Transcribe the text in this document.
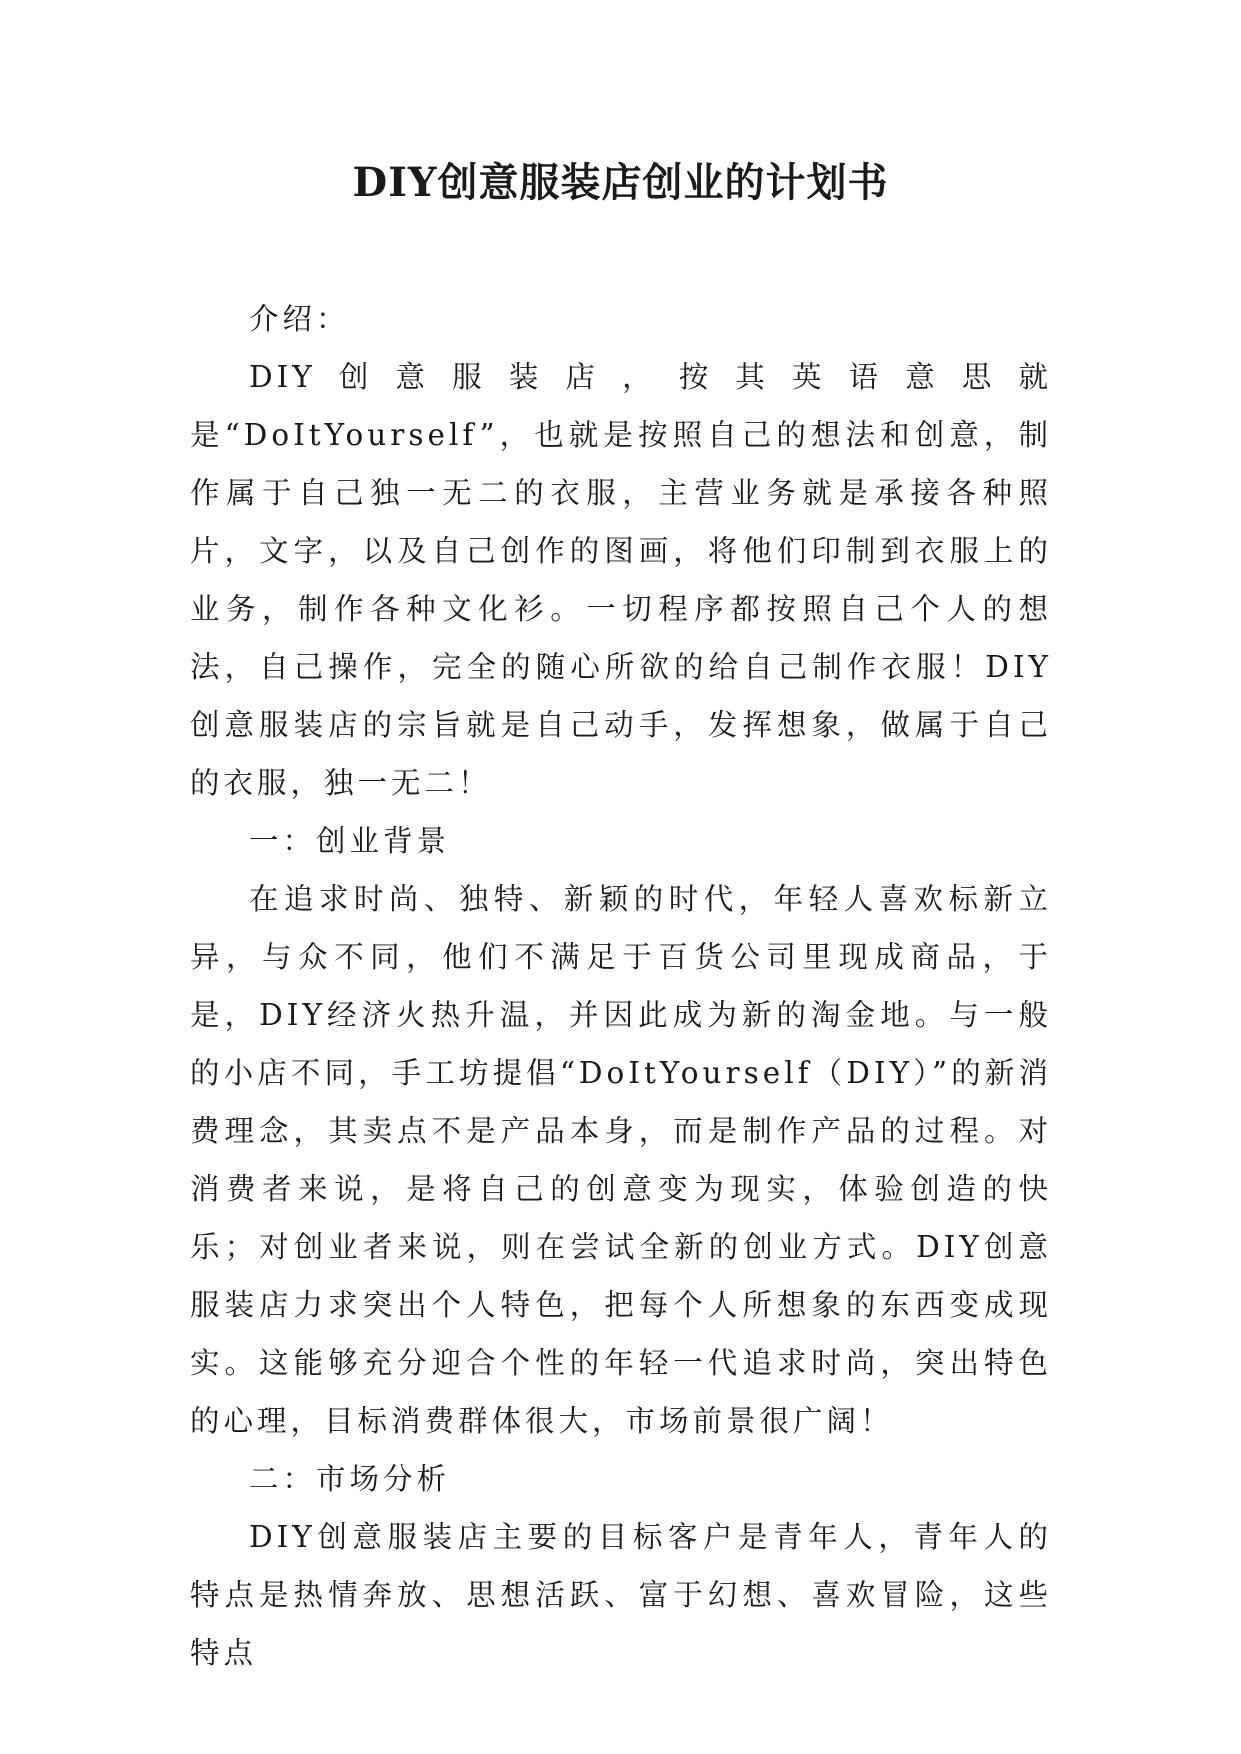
DIY创意服装店创业的计划书

介绍：

DIY创意服装店，按其英语意思就是“DoItYourself”，也就是按照自己的想法和创意，制作属于自己独一无二的衣服，主营业务就是承接各种照片，文字，以及自己创作的图画，将他们印制到衣服上的业务，制作各种文化衫。一切程序都按照自己个人的想法，自己操作，完全的随心所欲的给自己制作衣服！DIY创意服装店的宗旨就是自己动手，发挥想象，做属于自己的衣服，独一无二！

一：创业背景

在追求时尚、独特、新颖的时代，年轻人喜欢标新立异，与众不同，他们不满足于百货公司里现成商品，于是，DIY经济火热升温，并因此成为新的淘金地。与一般的小店不同，手工坊提倡“DoItYourself（DIY）”的新消费理念，其卖点不是产品本身，而是制作产品的过程。对消费者来说，是将自己的创意变为现实，体验创造的快乐；对创业者来说，则在尝试全新的创业方式。DIY创意服装店力求突出个人特色，把每个人所想象的东西变成现实。这能够充分迎合个性的年轻一代追求时尚，突出特色的心理，目标消费群体很大，市场前景很广阔！

二：市场分析

DIY创意服装店主要的目标客户是青年人，青年人的特点是热情奔放、思想活跃、富于幻想、喜欢冒险，这些特点
